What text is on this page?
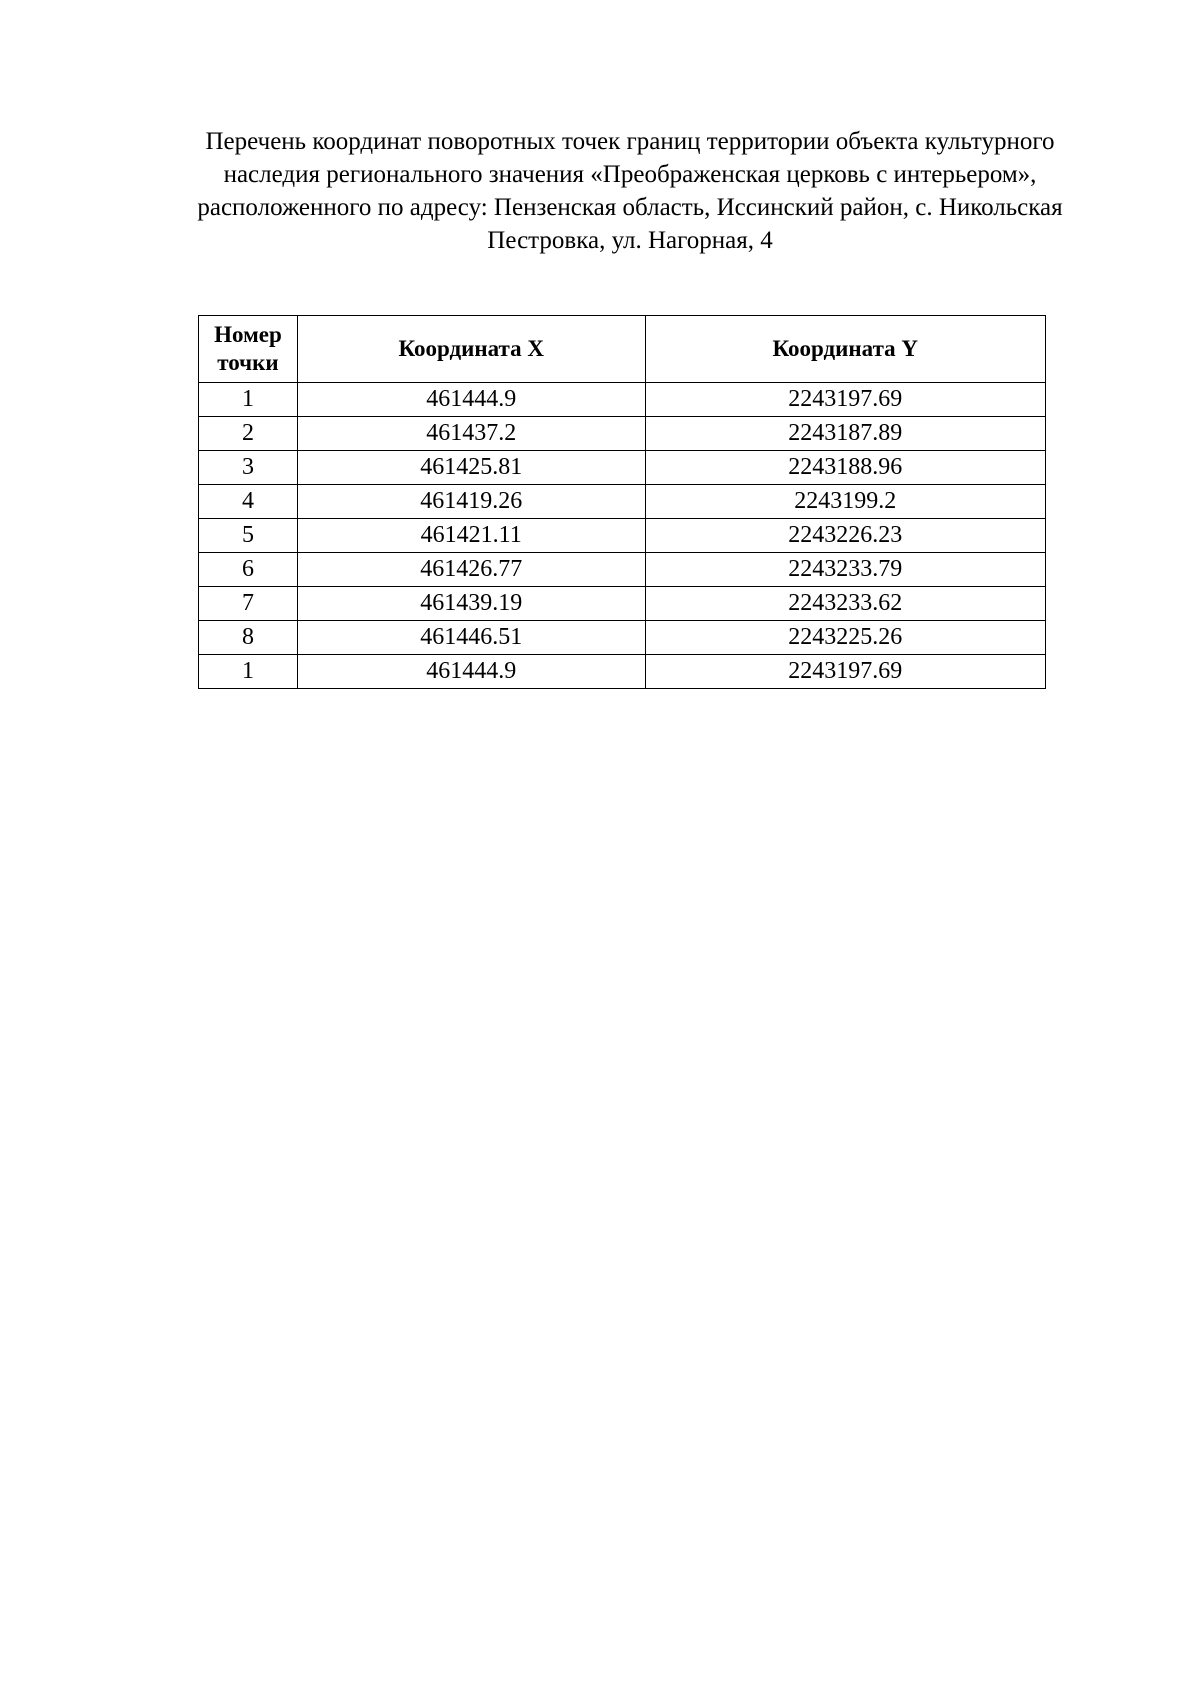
Перечень координат поворотных точек границ территории объекта культурного
наследия регионального значения «Преображенская церковь с интерьером»,
расположенного по адресу: Пензенская область, Иссинский район, с. Никольская
Пестровка, ул. Нагорная, 4
Номер
точки	Координата X	Координата Y
1	461444.9	2243197.69
2	461437.2	2243187.89
3	461425.81	2243188.96
4	461419.26	2243199.2
5	461421.11	2243226.23
6	461426.77	2243233.79
7	461439.19	2243233.62
8	461446.51	2243225.26
1	461444.9	2243197.69
